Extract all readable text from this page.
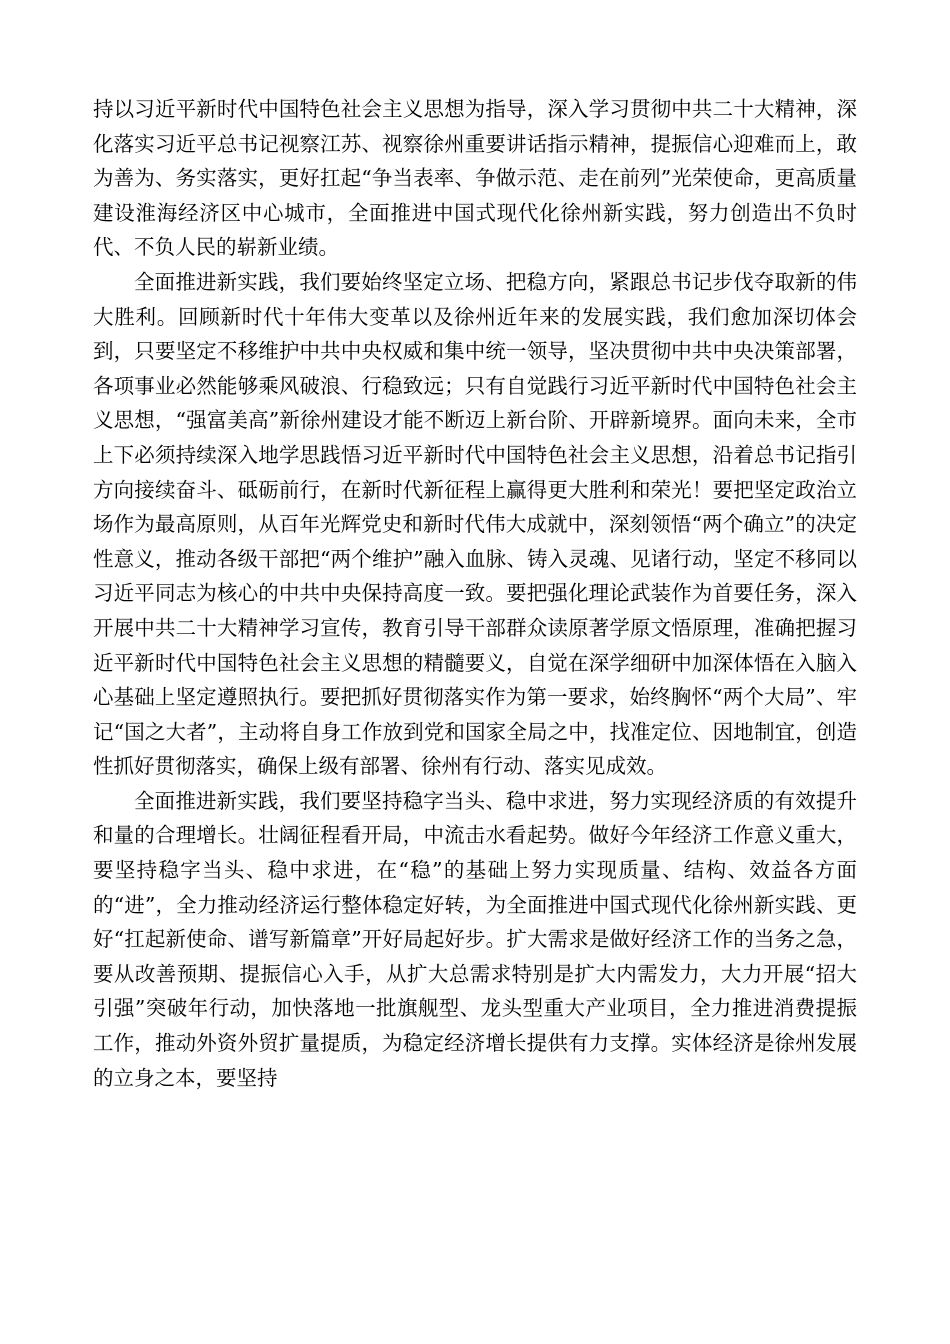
持以习近平新时代中国特色社会主义思想为指导，深入学习贯彻中共二十大精神，深化落实习近平总书记视察江苏、视察徐州重要讲话指示精神，提振信心迎难而上，敢为善为、务实落实，更好扛起“争当表率、争做示范、走在前列”光荣使命，更高质量建设淮海经济区中心城市，全面推进中国式现代化徐州新实践，努力创造出不负时代、不负人民的崭新业绩。

全面推进新实践，我们要始终坚定立场、把稳方向，紧跟总书记步伐夺取新的伟大胜利。回顾新时代十年伟大变革以及徐州近年来的发展实践，我们愈加深切体会到，只要坚定不移维护中共中央权威和集中统一领导，坚决贯彻中共中央决策部署，各项事业必然能够乘风破浪、行稳致远；只有自觉践行习近平新时代中国特色社会主义思想，“强富美高”新徐州建设才能不断迈上新台阶、开辟新境界。面向未来，全市上下必须持续深入地学思践悟习近平新时代中国特色社会主义思想，沿着总书记指引方向接续奋斗、砥砺前行，在新时代新征程上赢得更大胜利和荣光！要把坚定政治立场作为最高原则，从百年光辉党史和新时代伟大成就中，深刻领悟“两个确立”的决定性意义，推动各级干部把“两个维护”融入血脉、铸入灵魂、见诸行动，坚定不移同以习近平同志为核心的中共中央保持高度一致。要把强化理论武装作为首要任务，深入开展中共二十大精神学习宣传，教育引导干部群众读原著学原文悟原理，准确把握习近平新时代中国特色社会主义思想的精髓要义，自觉在深学细研中加深体悟在入脑入心基础上坚定遵照执行。要把抓好贯彻落实作为第一要求，始终胸怀“两个大局”、牢记“国之大者”，主动将自身工作放到党和国家全局之中，找准定位、因地制宜，创造性抓好贯彻落实，确保上级有部署、徐州有行动、落实见成效。

全面推进新实践，我们要坚持稳字当头、稳中求进，努力实现经济质的有效提升和量的合理增长。壮阔征程看开局，中流击水看起势。做好今年经济工作意义重大，要坚持稳字当头、稳中求进，在“稳”的基础上努力实现质量、结构、效益各方面的“进”，全力推动经济运行整体稳定好转，为全面推进中国式现代化徐州新实践、更好“扛起新使命、谱写新篇章”开好局起好步。扩大需求是做好经济工作的当务之急，要从改善预期、提振信心入手，从扩大总需求特别是扩大内需发力，大力开展“招大引强”突破年行动，加快落地一批旗舰型、龙头型重大产业项目，全力推进消费提振工作，推动外资外贸扩量提质，为稳定经济增长提供有力支撑。实体经济是徐州发展的立身之本，要坚持
